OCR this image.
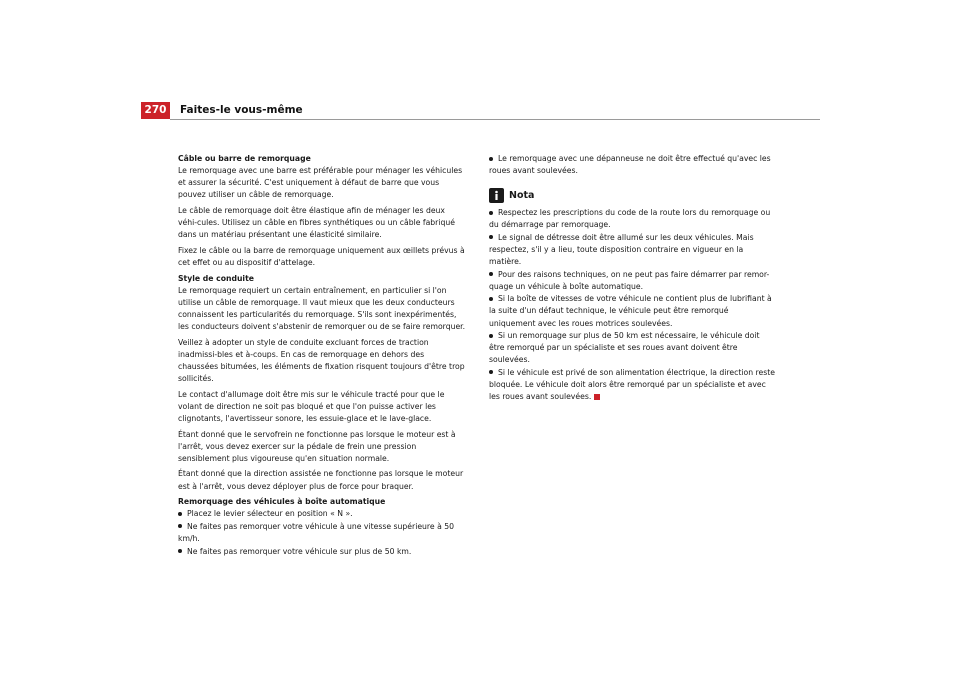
270	Faites-le vous-même
Câble ou barre de remorquage

Le remorquage avec une barre est préférable pour ménager les véhicules et assurer la sécurité. C'est uniquement à défaut de barre que vous pouvez utiliser un câble de remorquage.

Le câble de remorquage doit être élastique afin de ménager les deux véhi-cules. Utilisez un câble en fibres synthétiques ou un câble fabriqué dans un matériau présentant une élasticité similaire.

Fixez le câble ou la barre de remorquage uniquement aux œillets prévus à cet effet ou au dispositif d'attelage.

Style de conduite

Le remorquage requiert un certain entraînement, en particulier si l'on utilise un câble de remorquage. Il vaut mieux que les deux conducteurs connaissent les particularités du remorquage. S'ils sont inexpérimentés, les conducteurs doivent s'abstenir de remorquer ou de se faire remorquer.

Veillez à adopter un style de conduite excluant forces de traction inadmissi-bles et à-coups. En cas de remorquage en dehors des chaussées bitumées, les éléments de fixation risquent toujours d'être trop sollicités.

Le contact d'allumage doit être mis sur le véhicule tracté pour que le volant de direction ne soit pas bloqué et que l'on puisse activer les clignotants, l'avertisseur sonore, les essuie-glace et le lave-glace.

Étant donné que le servofrein ne fonctionne pas lorsque le moteur est à l'arrêt, vous devez exercer sur la pédale de frein une pression sensiblement plus vigoureuse qu'en situation normale.

Étant donné que la direction assistée ne fonctionne pas lorsque le moteur est à l'arrêt, vous devez déployer plus de force pour braquer.

Remorquage des véhicules à boîte automatique
Placez le levier sélecteur en position « N ».
Ne faites pas remorquer votre véhicule à une vitesse supérieure à 50 km/h.
Ne faites pas remorquer votre véhicule sur plus de 50 km.
Le remorquage avec une dépanneuse ne doit être effectué qu'avec les roues avant soulevées.
Nota
Respectez les prescriptions du code de la route lors du remorquage ou du démarrage par remorquage.
Le signal de détresse doit être allumé sur les deux véhicules. Mais respectez, s'il y a lieu, toute disposition contraire en vigueur en la matière.
Pour des raisons techniques, on ne peut pas faire démarrer par remor-quage un véhicule à boîte automatique.
Si la boîte de vitesses de votre véhicule ne contient plus de lubrifiant à la suite d'un défaut technique, le véhicule peut être remorqué uniquement avec les roues motrices soulevées.
Si un remorquage sur plus de 50 km est nécessaire, le véhicule doit être remorqué par un spécialiste et ses roues avant doivent être soulevées.
Si le véhicule est privé de son alimentation électrique, la direction reste bloquée. Le véhicule doit alors être remorqué par un spécialiste et avec les roues avant soulevées.
